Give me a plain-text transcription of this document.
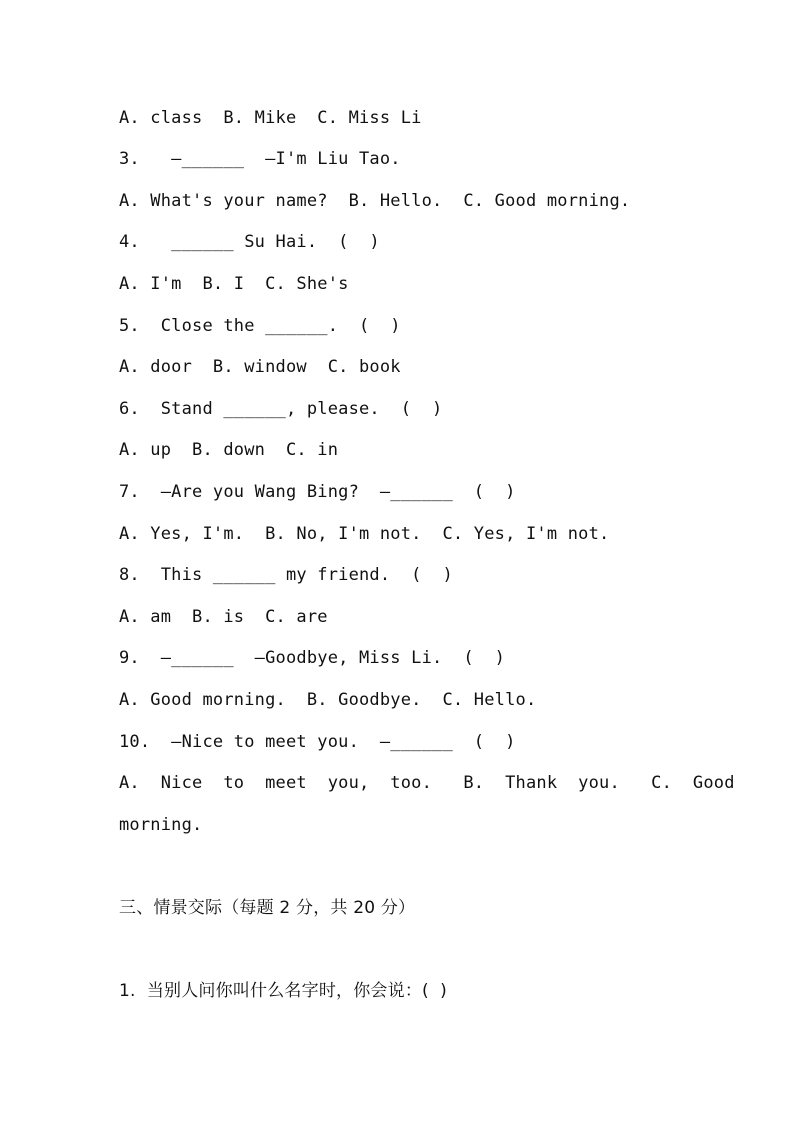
A. class  B. Mike  C. Miss Li
3.   —______  —I'm Liu Tao.
A. What's your name?  B. Hello.  C. Good morning.
4.   ______ Su Hai.  (  )
A. I'm  B. I  C. She's
5.  Close the ______.  (  )
A. door  B. window  C. book
6.  Stand ______, please.  (  )
A. up  B. down  C. in
7.  —Are you Wang Bing?  —______  (  )
A. Yes, I'm.  B. No, I'm not.  C. Yes, I'm not.
8.  This ______ my friend.  (  )
A. am  B. is  C. are
9.  —______  —Goodbye, Miss Li.  (  )
A. Good morning.  B. Goodbye.  C. Hello.
10.  —Nice to meet you.  —______  (  )
A.  Nice  to  meet  you,  too.   B.  Thank  you.   C.  Good
morning.
三、情景交际（每题 2 分，共 20 分）
1.  当别人问你叫什么名字时，你会说：(  )
